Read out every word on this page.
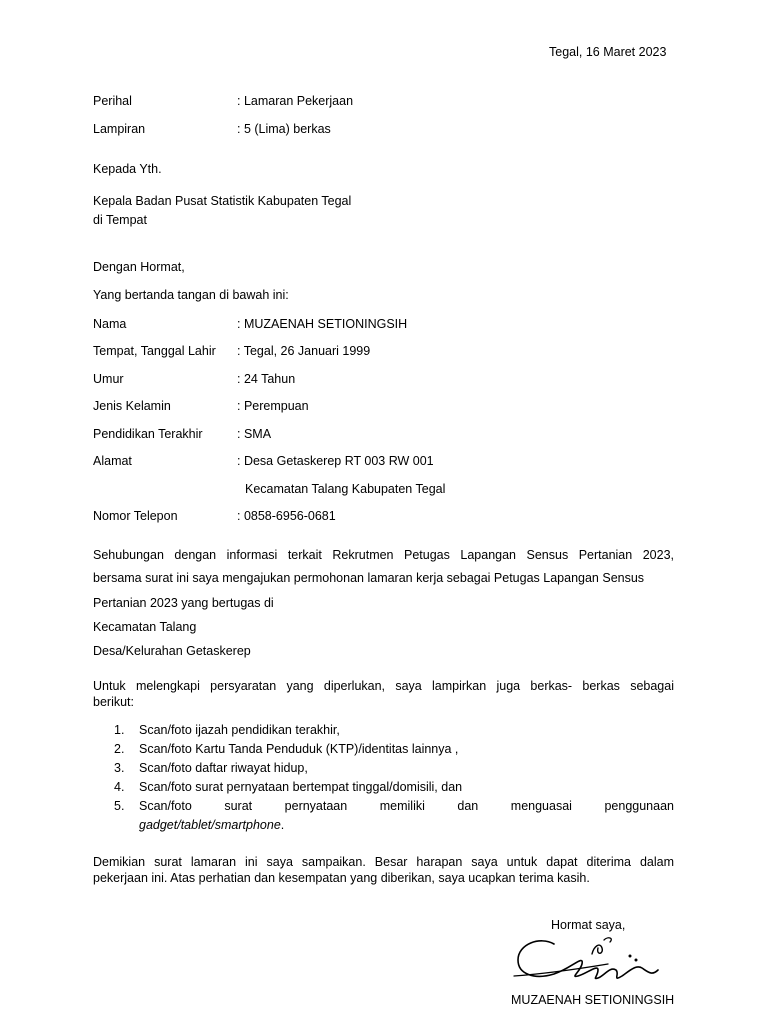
Tegal, 16 Maret 2023
Perihal	: Lamaran Pekerjaan
Lampiran	: 5 (Lima) berkas
Kepada Yth.
Kepala Badan Pusat Statistik Kabupaten Tegal
di Tempat
Dengan Hormat,
Yang bertanda tangan di bawah ini:
Nama	: MUZAENAH SETIONINGSIH
Tempat, Tanggal Lahir : Tegal, 26 Januari 1999
Umur	: 24 Tahun
Jenis Kelamin	: Perempuan
Pendidikan Terakhir	: SMA
Alamat	: Desa Getaskerep RT 003 RW 001
Kecamatan Talang Kabupaten Tegal
Nomor Telepon	: 0858-6956-0681
Sehubungan dengan informasi terkait Rekrutmen Petugas Lapangan Sensus Pertanian 2023,
bersama surat ini saya mengajukan permohonan lamaran kerja sebagai Petugas Lapangan Sensus
Pertanian 2023 yang bertugas di
Kecamatan Talang
Desa/Kelurahan Getaskerep
Untuk melengkapi persyaratan yang diperlukan, saya lampirkan juga berkas- berkas sebagai
berikut:
1. Scan/foto ijazah pendidikan terakhir,
2. Scan/foto Kartu Tanda Penduduk (KTP)/identitas lainnya ,
3. Scan/foto daftar riwayat hidup,
4. Scan/foto surat pernyataan bertempat tinggal/domisili, dan
5. Scan/foto surat pernyataan memiliki dan menguasai penggunaan
gadget/tablet/smartphone.
Demikian surat lamaran ini saya sampaikan. Besar harapan saya untuk dapat diterima dalam
pekerjaan ini. Atas perhatian dan kesempatan yang diberikan, saya ucapkan terima kasih.
Hormat saya,
MUZAENAH SETIONINGSIH
